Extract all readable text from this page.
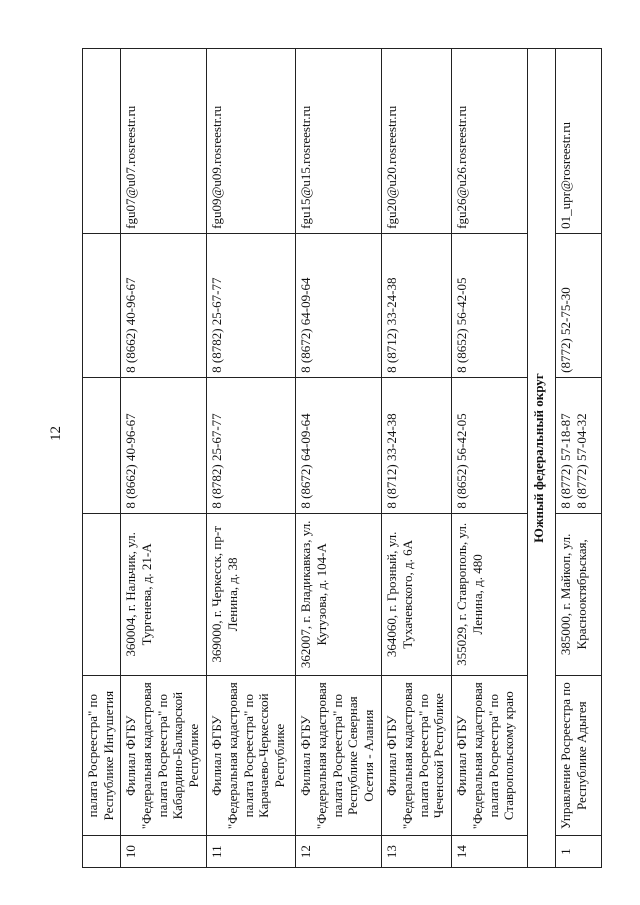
12
	палата Росреестра" по Республике Ингушетия				
10	Филиал ФГБУ "Федеральная кадастровая палата Росреестра" по Кабардино-Балкарской Республике	360004, г. Нальчик, ул. Тургенева, д. 21-А	8 (8662) 40-96-67	8 (8662) 40-96-67	fgu07@u07.rosreestr.ru
11	Филиал ФГБУ "Федеральная кадастровая палата Росреестра" по Карачаево-Черкесской Республике	369000, г. Черкесск, пр-т Ленина, д. 38	8 (8782) 25-67-77	8 (8782) 25-67-77	fgu09@u09.rosreestr.ru
12	Филиал ФГБУ "Федеральная кадастровая палата Росреестра" по Республике Северная Осетия - Алания	362007, г. Владикавказ, ул. Кутузова, д. 104-А	8 (8672) 64-09-64	8 (8672) 64-09-64	fgu15@u15.rosreestr.ru
13	Филиал ФГБУ "Федеральная кадастровая палата Росреестра" по Чеченской Республике	364060, г. Грозный, ул. Тухачевского, д. 6А	8 (8712) 33-24-38	8 (8712) 33-24-38	fgu20@u20.rosreestr.ru
14	Филиал ФГБУ "Федеральная кадастровая палата Росреестра" по Ставропольскому краю	355029, г. Ставрополь, ул. Ленина, д. 480	8 (8652) 56-42-05	8 (8652) 56-42-05	fgu26@u26.rosreestr.ru
Южный федеральный округ					
1	Управление Росреестра по Республике Адыгея	385000, г. Майкоп, ул. Краснооктябрьская,	8 (8772) 57-18-87 8 (8772) 57-04-32	(8772) 52-75-30	01_upr@rosreestr.ru
